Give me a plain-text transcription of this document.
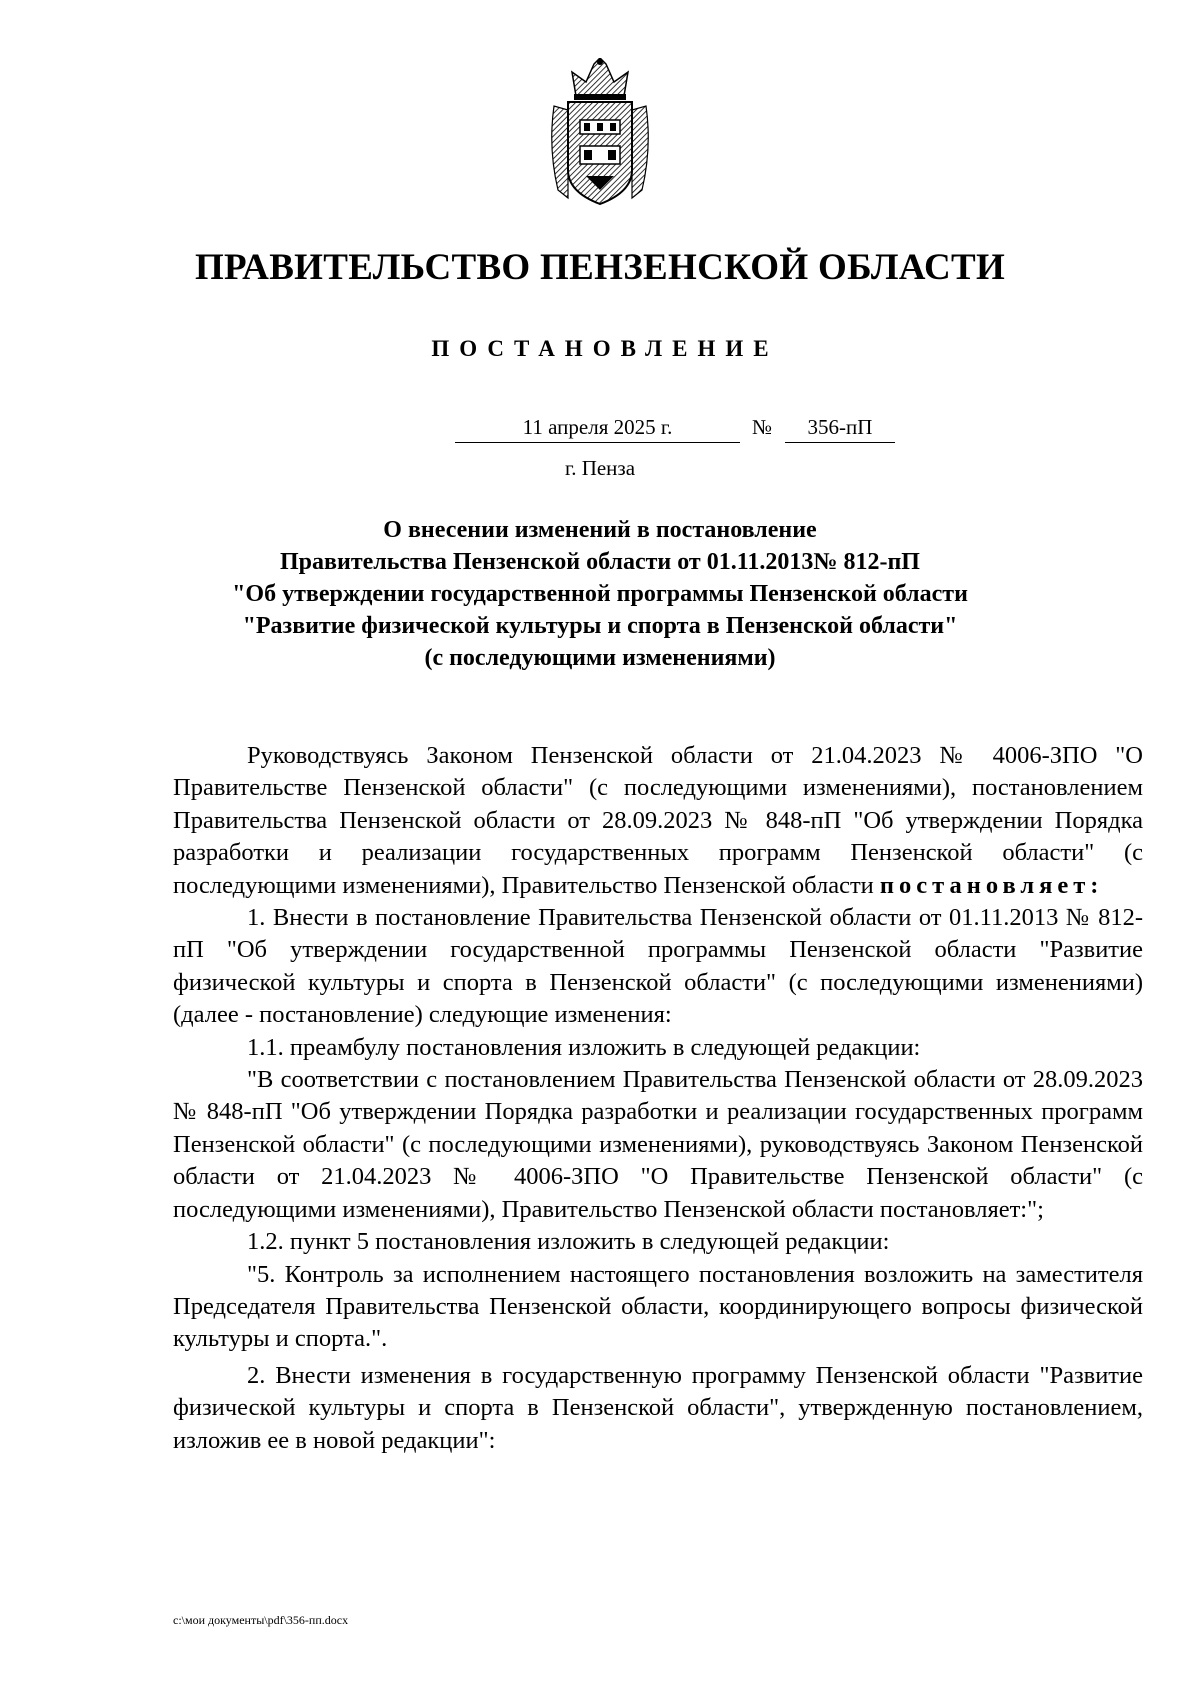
ПРАВИТЕЛЬСТВО ПЕНЗЕНСКОЙ ОБЛАСТИ
ПОСТАНОВЛЕНИЕ
11 апреля 2025 г.	№	356-пП
г. Пенза
О внесении изменений в постановление
Правительства Пензенской области от 01.11.2013№ 812-пП
"Об утверждении государственной программы Пензенской области
"Развитие физической культуры и спорта в Пензенской области"
(с последующими изменениями)

Руководствуясь Законом Пензенской области от 21.04.2023 № 4006-ЗПО "О Правительстве Пензенской области" (с последующими изменениями), постановлением Правительства Пензенской области от 28.09.2023 № 848-пП "Об утверждении Порядка разработки и реализации государственных программ Пензенской области" (с последующими изменениями), Правительство Пензенской области постановляет:

1. Внести в постановление Правительства Пензенской области от 01.11.2013 № 812-пП "Об утверждении государственной программы Пензенской области "Развитие физической культуры и спорта в Пензенской области" (с последующими изменениями) (далее - постановление) следующие изменения:

1.1. преамбулу постановления изложить в следующей редакции:

"В соответствии с постановлением Правительства Пензенской области от 28.09.2023 № 848-пП "Об утверждении Порядка разработки и реализации государственных программ Пензенской области" (с последующими изменениями), руководствуясь Законом Пензенской области от 21.04.2023 № 4006-ЗПО "О Правительстве Пензенской области" (с последующими изменениями), Правительство Пензенской области постановляет:";

1.2. пункт 5 постановления изложить в следующей редакции:

"5. Контроль за исполнением настоящего постановления возложить на заместителя Председателя Правительства Пензенской области, координирующего вопросы физической культуры и спорта.".

2. Внести изменения в государственную программу Пензенской области "Развитие физической культуры и спорта в Пензенской области", утвержденную постановлением, изложив ее в новой редакции":

c:\мои документы\pdf\356-пп.docx
